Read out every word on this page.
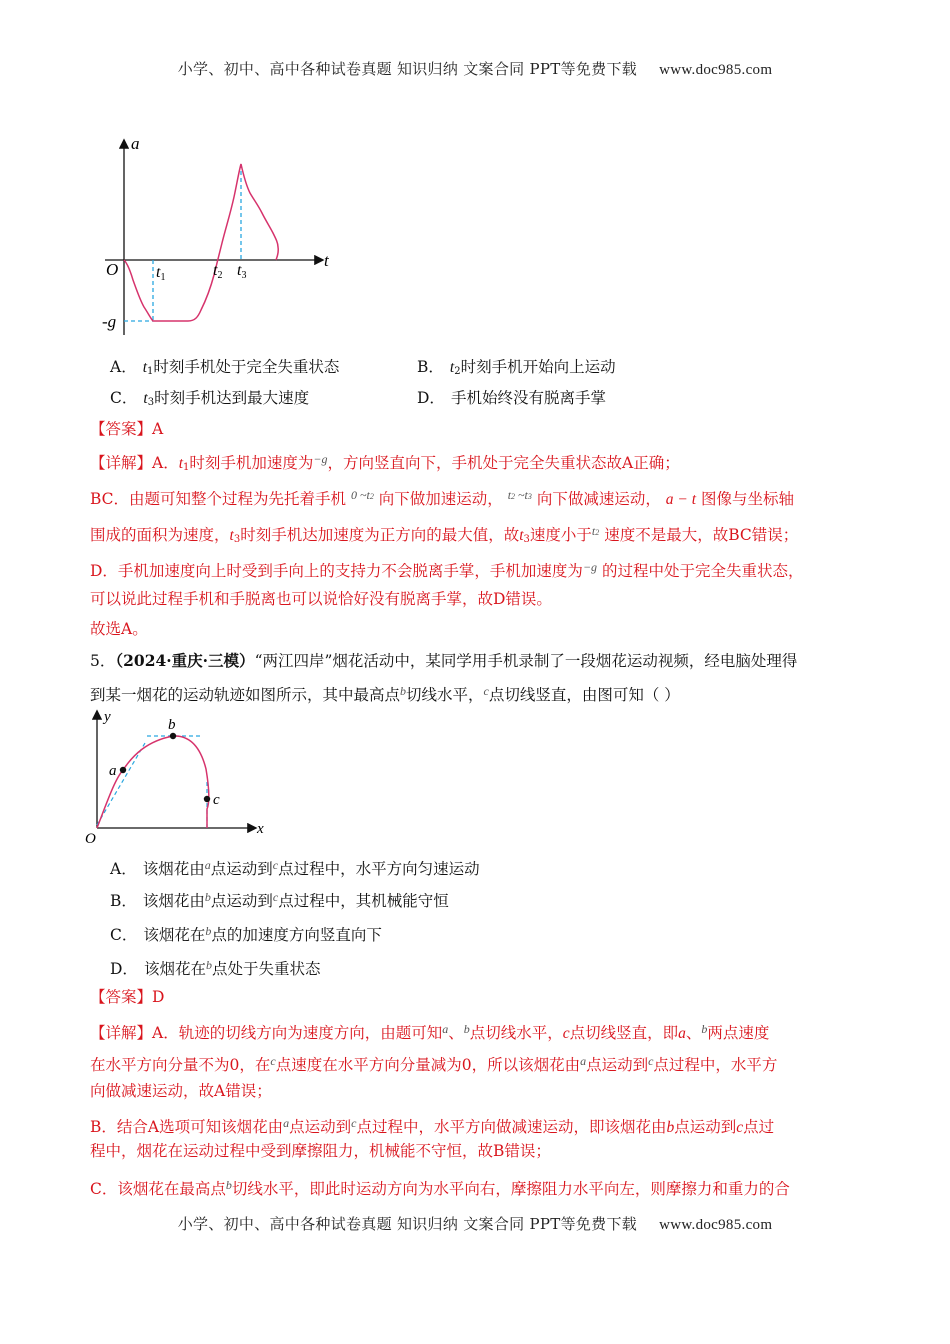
小学、初中、高中各种试卷真题 知识归纳 文案合同 PPT等免费下载 www.doc985.com
a
t
O
-g
t1	t2 t3
A． $t_1$时刻手机处于完全失重状态	B． $t_2$时刻手机开始向上运动
C． $t_3$时刻手机达到最大速度	D． 手机始终没有脱离手掌
【答案】A
【详解】A．$t_1$时刻手机加速度为$^{-g}$，方向竖直向下，手机处于完全失重状态故A正确；
BC．由题可知整个过程为先托着手机 $^{0 \sim t2}$ 向下做加速运动， $^{t2}$ $^{\sim t3}$ 向下做减速运动， a − t 图像与坐标轴
围成的面积为速度，$t_3$时刻手机达加速度为正方向的最大值，故$t_3$速度小于$^{t2}$ 速度不是最大，故BC错误；
D．手机加速度向上时受到手向上的支持力不会脱离手掌，手机加速度为$^{-g}$ 的过程中处于完全失重状态，
可以说此过程手机和手脱离也可以说恰好没有脱离手掌，故D错误。
故选A。
5．（2024·重庆·三模）“两江四岸”烟花活动中，某同学用手机录制了一段烟花运动视频，经电脑处理得
到某一烟花的运动轨迹如图所示，其中最高点$^b$切线水平，$^c$点切线竖直，由图可知（ ）
y
x
O
a
b
c
A． 该烟花由$^a$点运动到$^c$点过程中，水平方向匀速运动
B． 该烟花由$^b$点运动到$^c$点过程中，其机械能守恒
C． 该烟花在$^b$点的加速度方向竖直向下
D． 该烟花在$^b$点处于失重状态
【答案】D
【详解】A．轨迹的切线方向为速度方向，由题可知$^a$、$^b$点切线水平，c点切线竖直，即a、$^b$两点速度
在水平方向分量不为0，在$^c$点速度在水平方向分量减为0，所以该烟花由$^a$点运动到$^c$点过程中，水平方
向做减速运动，故A错误；
B．结合A选项可知该烟花由$^a$点运动到$^c$点过程中，水平方向做减速运动，即该烟花由b点运动到c点过
程中，烟花在运动过程中受到摩擦阻力，机械能不守恒，故B错误；
C．该烟花在最高点$^b$切线水平，即此时运动方向为水平向右，摩擦阻力水平向左，则摩擦力和重力的合
小学、初中、高中各种试卷真题 知识归纳 文案合同 PPT等免费下载 www.doc985.com
